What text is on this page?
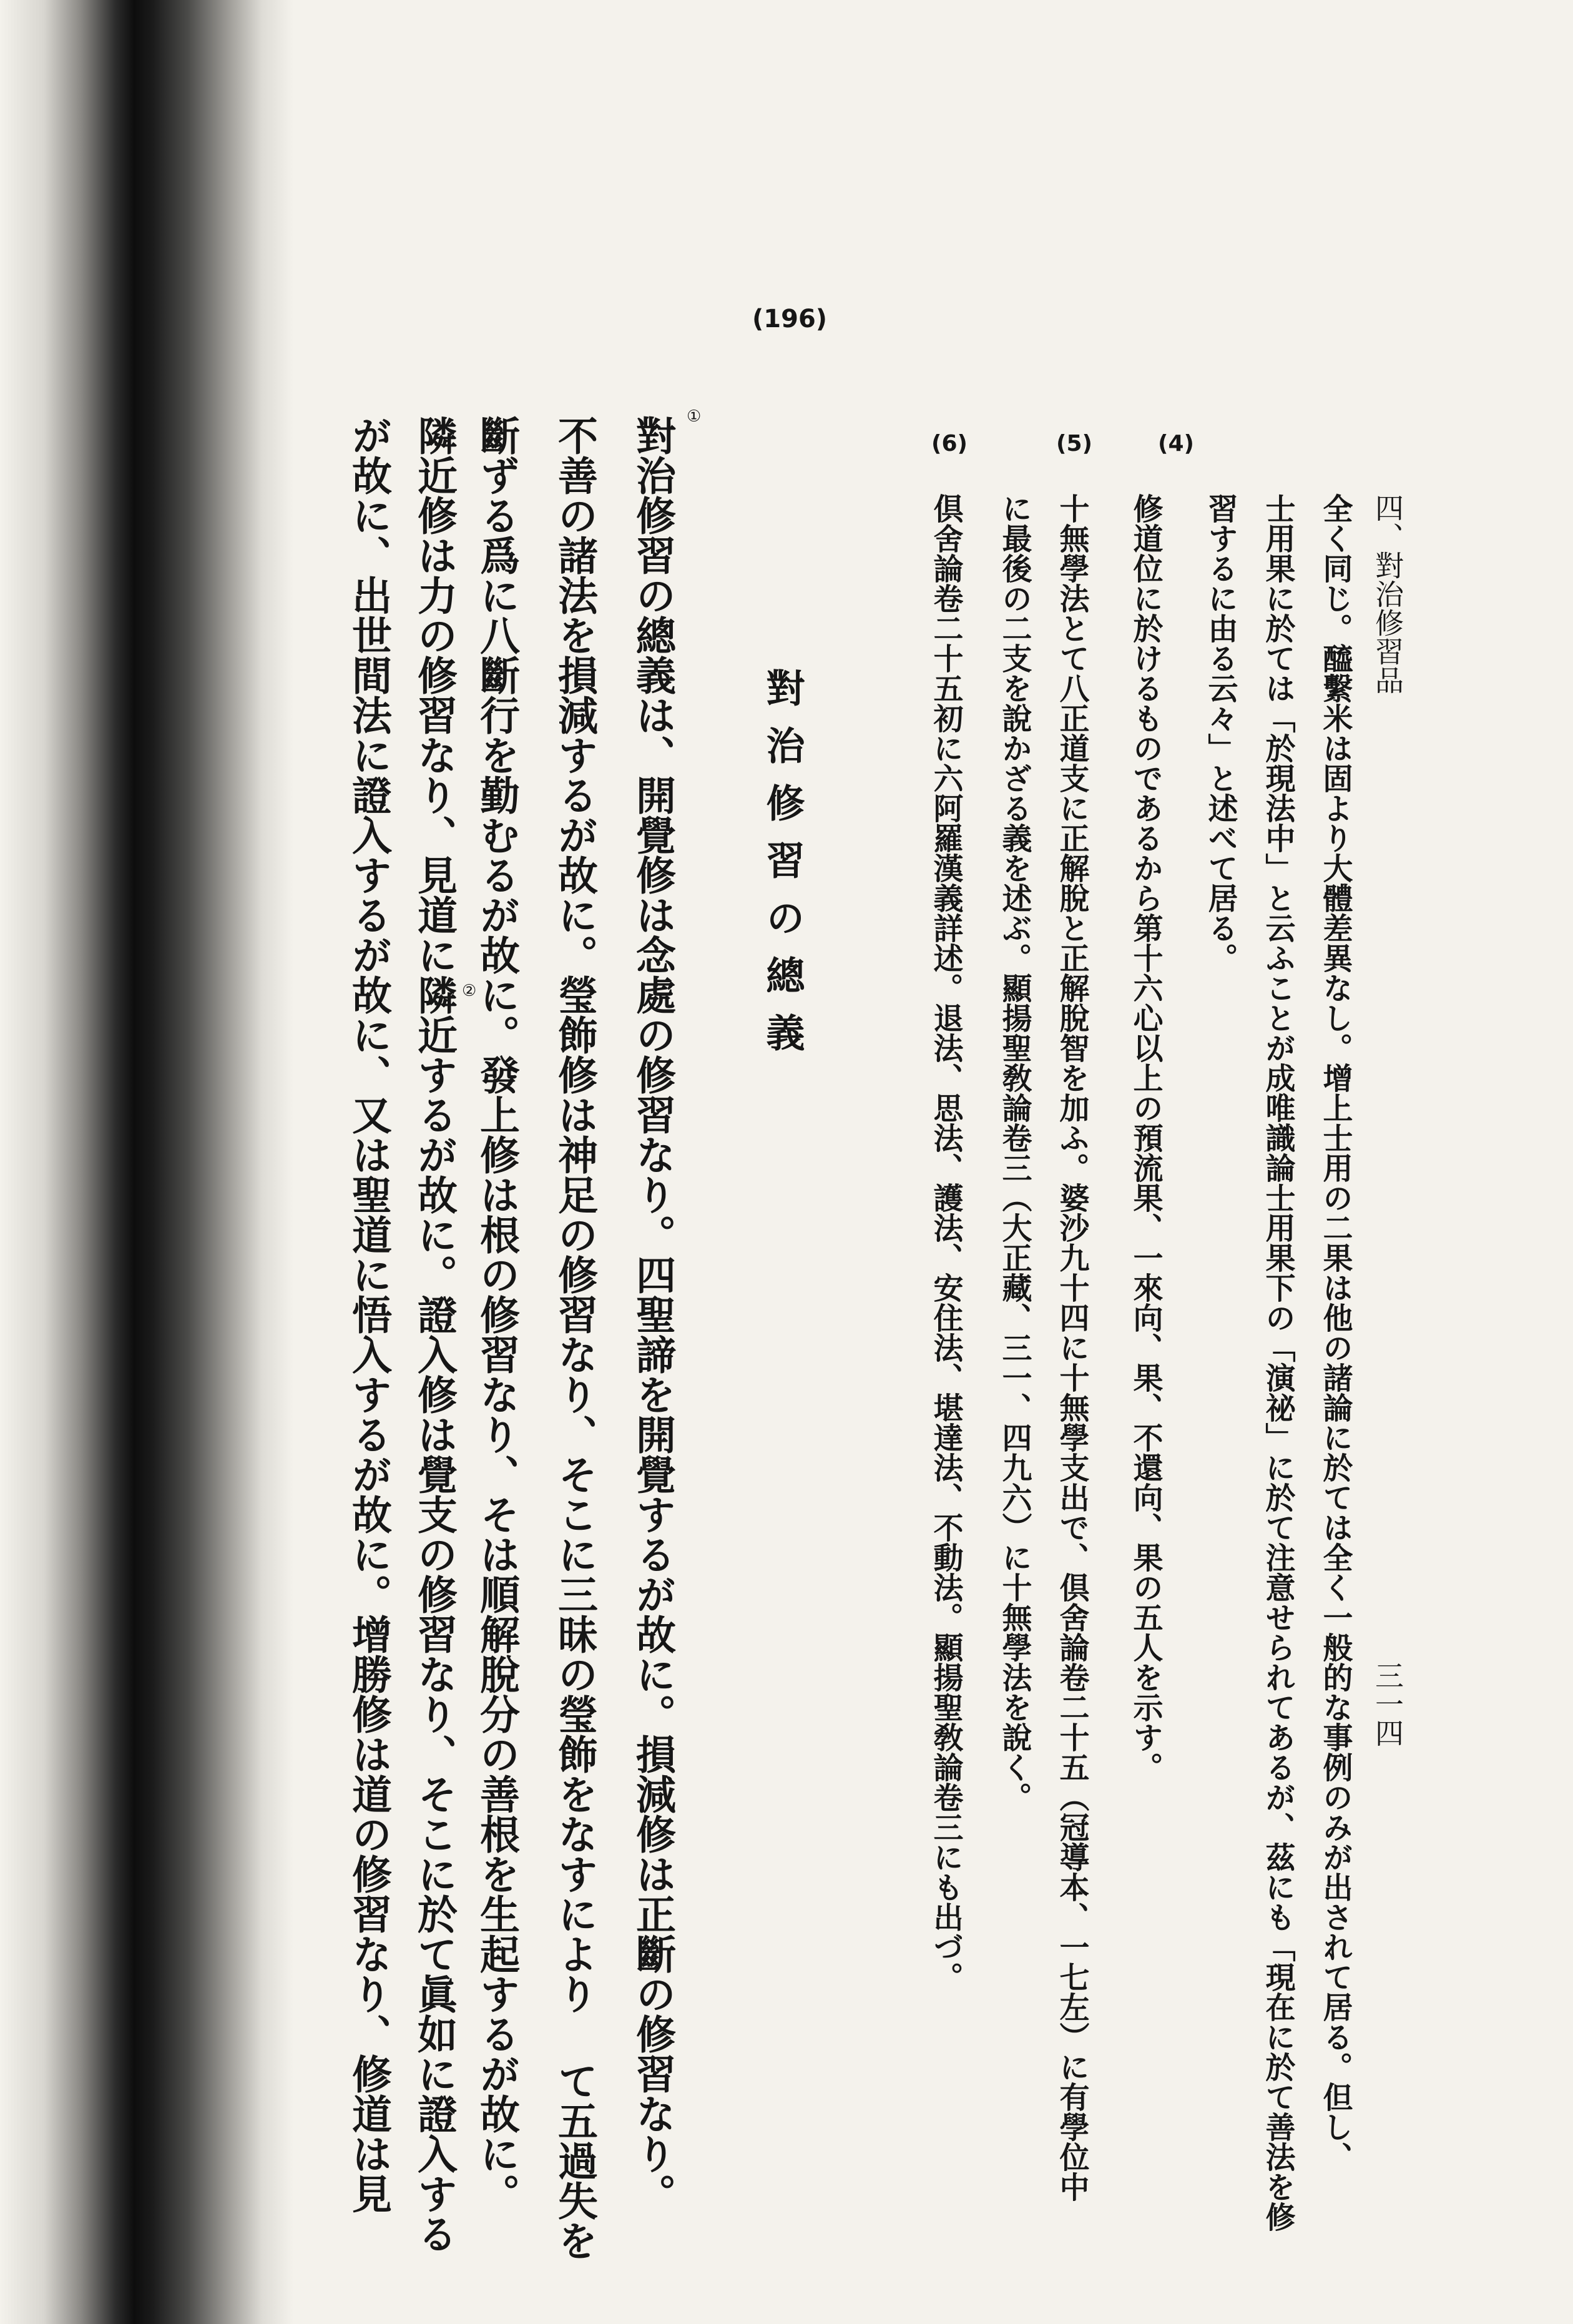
四、對治修習品
三一四
全く同じ。醯繫米は固より大體差異なし。增上士用の二果は他の諸論に於ては全く一般的な事例のみが出されて居る。但し、
士用果に於ては「於現法中」と云ふことが成唯識論士用果下の「演祕」に於て注意せられてあるが、茲にも「現在に於て善法を修
習するに由る云々」と述べて居る。
(4)
修道位に於けるものであるから第十六心以上の預流果、一來向、果、不還向、果の五人を示す。
(5)
十無學法とて八正道支に正解脫と正解脫智を加ふ。婆沙九十四に十無學支出で、倶舍論卷二十五（冠導本、一七左）に有學位中
に最後の二支を說かざる義を述ぶ。顯揚聖敎論卷三（大正藏、三一、四九六）に十無學法を說く。
(6)
倶舍論卷二十五初に六阿羅漢義詳述。退法、思法、護法、安住法、堪達法、不動法。顯揚聖敎論卷三にも出づ。
(196)
對治修習の總義
對治修習の總義は、開覺修は念處の修習なり。四聖諦を開覺するが故に。損減修は正斷の修習なり。
不善の諸法を損減するが故に。瑩飾修は神足の修習なり、そこに三昧の瑩飾をなすにより て五過失を
斷ずる爲に八斷行を勤むるが故に。發上修は根の修習なり、そは順解脫分の善根を生起するが故に。
隣近修は力の修習なり、見道に隣近するが故に。證入修は覺支の修習なり、そこに於て眞如に證入する
が故に、出世間法に證入するが故に、又は聖道に悟入するが故に。增勝修は道の修習なり、修道は見	①
②
